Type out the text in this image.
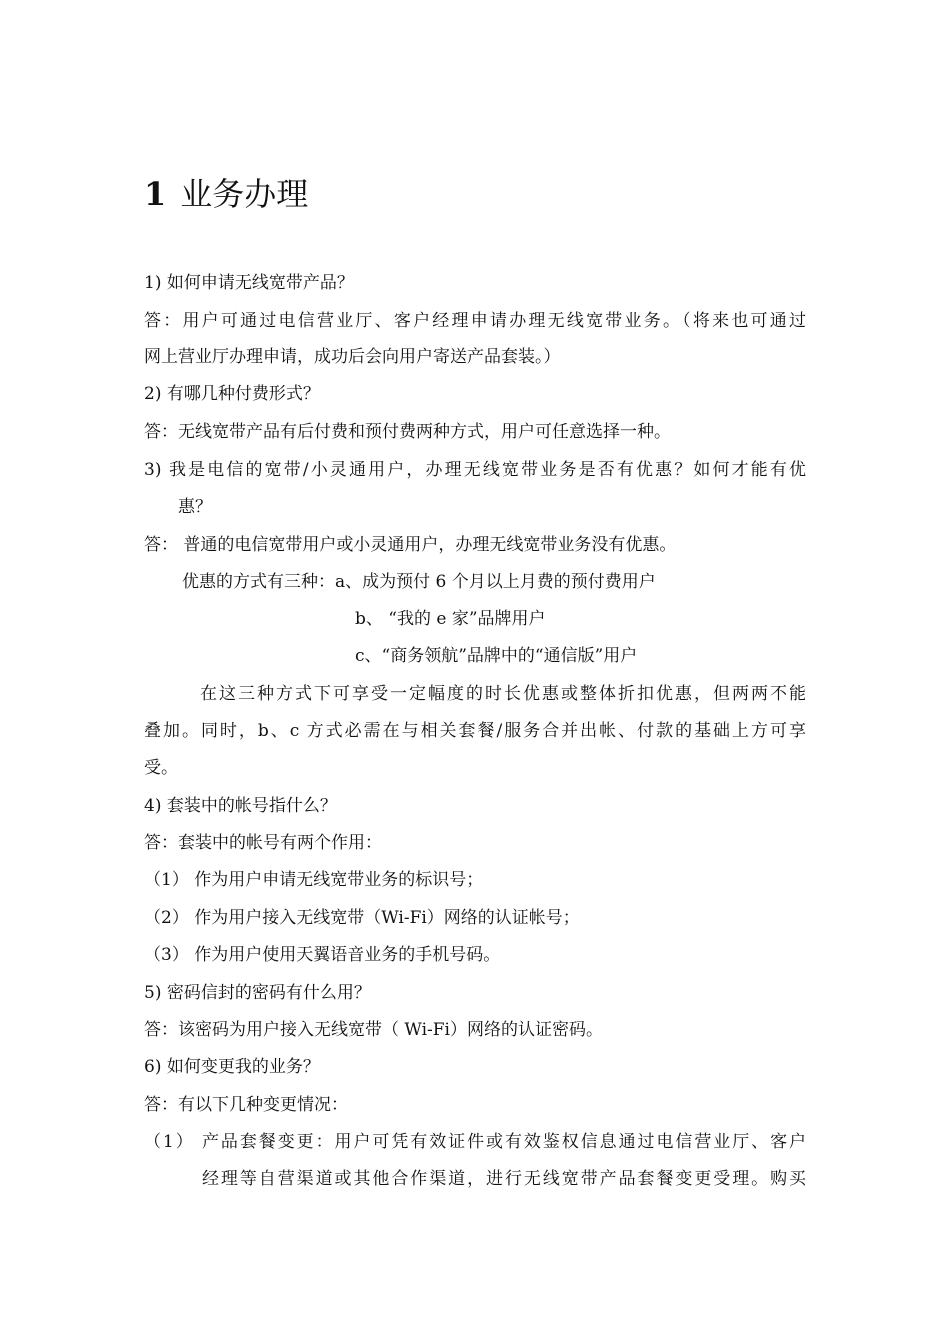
1 业务办理
1) 如何申请无线宽带产品？
答：用户可通过电信营业厅、客户经理申请办理无线宽带业务。（将来也可通过
网上营业厅办理申请，成功后会向用户寄送产品套装。）
2) 有哪几种付费形式？
答：无线宽带产品有后付费和预付费两种方式，用户可任意选择一种。
3) 我是电信的宽带/小灵通用户，办理无线宽带业务是否有优惠？如何才能有优
惠？
答： 普通的电信宽带用户或小灵通用户，办理无线宽带业务没有优惠。
优惠的方式有三种：a、成为预付 6 个月以上月费的预付费用户
b、 “我的 e 家”品牌用户
c、“商务领航”品牌中的“通信版”用户
在这三种方式下可享受一定幅度的时长优惠或整体折扣优惠，但两两不能
叠加。同时，b、c 方式必需在与相关套餐/服务合并出帐、付款的基础上方可享
受。
4) 套装中的帐号指什么？
答：套装中的帐号有两个作用：
（1） 作为用户申请无线宽带业务的标识号；
（2） 作为用户接入无线宽带（Wi-Fi）网络的认证帐号；
（3） 作为用户使用天翼语音业务的手机号码。
5) 密码信封的密码有什么用？
答：该密码为用户接入无线宽带（ Wi-Fi）网络的认证密码。
6) 如何变更我的业务？
答：有以下几种变更情况：
（1） 产品套餐变更：用户可凭有效证件或有效鉴权信息通过电信营业厅、客户
经理等自营渠道或其他合作渠道，进行无线宽带产品套餐变更受理。购买
